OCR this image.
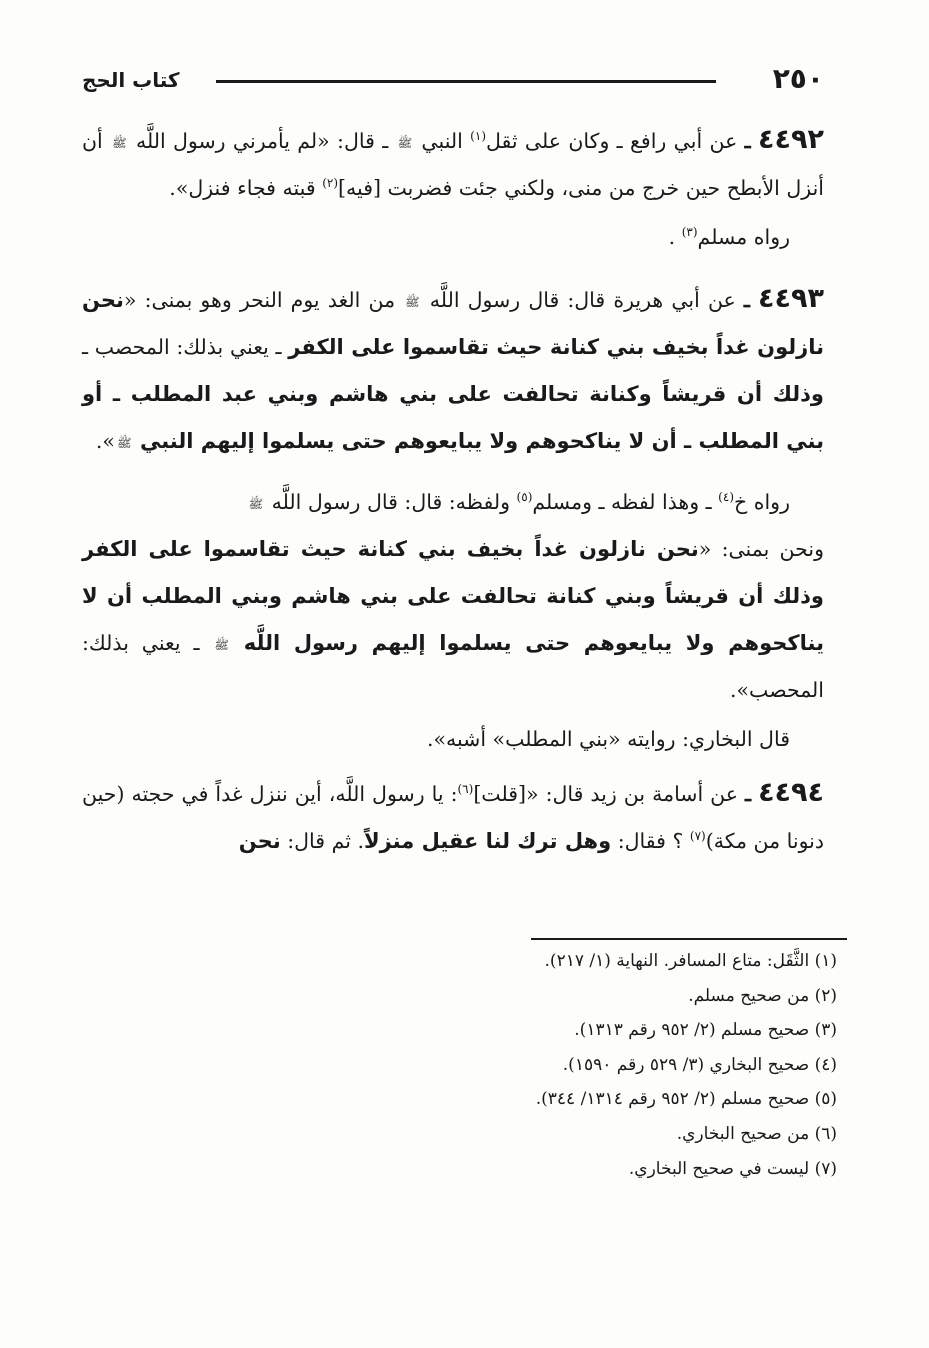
٢٥٠
كتاب الحج

٤٤٩٢ ـ عن أبي رافع ـ وكان على ثقل$^{(١)}$ النبي ﷺ ـ قال: «لم يأمرني رسول اللَّه ﷺ أن أنزل الأبطح حين خرج من منى، ولكني جئت فضربت [فيه]$^{(٢)}$ قبته فجاء فنزل».

رواه مسلم$^{(٣)}$ .

٤٤٩٣ ـ عن أبي هريرة قال: قال رسول اللَّه ﷺ من الغد يوم النحر وهو بمنى: «نحن نازلون غداً بخيف بني كنانة حيث تقاسموا على الكفر ـ يعني بذلك: المحصب ـ وذلك أن قريشاً وكنانة تحالفت على بني هاشم وبني عبد المطلب ـ أو بني المطلب ـ أن لا يناكحوهم ولا يبايعوهم حتى يسلموا إليهم النبي ﷺ».

رواه خ$^{(٤)}$ ـ وهذا لفظه ـ ومسلم$^{(٥)}$ ولفظه: قال: قال رسول اللَّه ﷺ

ونحن بمنى: «نحن نازلون غداً بخيف بني كنانة حيث تقاسموا على الكفر وذلك أن قريشاً وبني كنانة تحالفت على بني هاشم وبني المطلب أن لا يناكحوهم ولا يبايعوهم حتى يسلموا إليهم رسول اللَّه ﷺ ـ يعني بذلك: المحصب».

قال البخاري: روايته «بني المطلب» أشبه».

٤٤٩٤ ـ عن أسامة بن زيد قال: «[قلت]$^{(٦)}$: يا رسول اللَّه، أين ننزل غداً في حجته (حين دنونا من مكة)$^{(٧)}$ ؟ فقال: وهل ترك لنا عقيل منزلاً. ثم قال: نحن

(١) الثَّقَل: متاع المسافر. النهاية (١/ ٢١٧).
(٢) من صحيح مسلم.
(٣) صحيح مسلم (٢/ ٩٥٢ رقم ١٣١٣).
(٤) صحيح البخاري (٣/ ٥٢٩ رقم ١٥٩٠).
(٥) صحيح مسلم (٢/ ٩٥٢ رقم ١٣١٤/ ٣٤٤).
(٦) من صحيح البخاري.
(٧) ليست في صحيح البخاري.
